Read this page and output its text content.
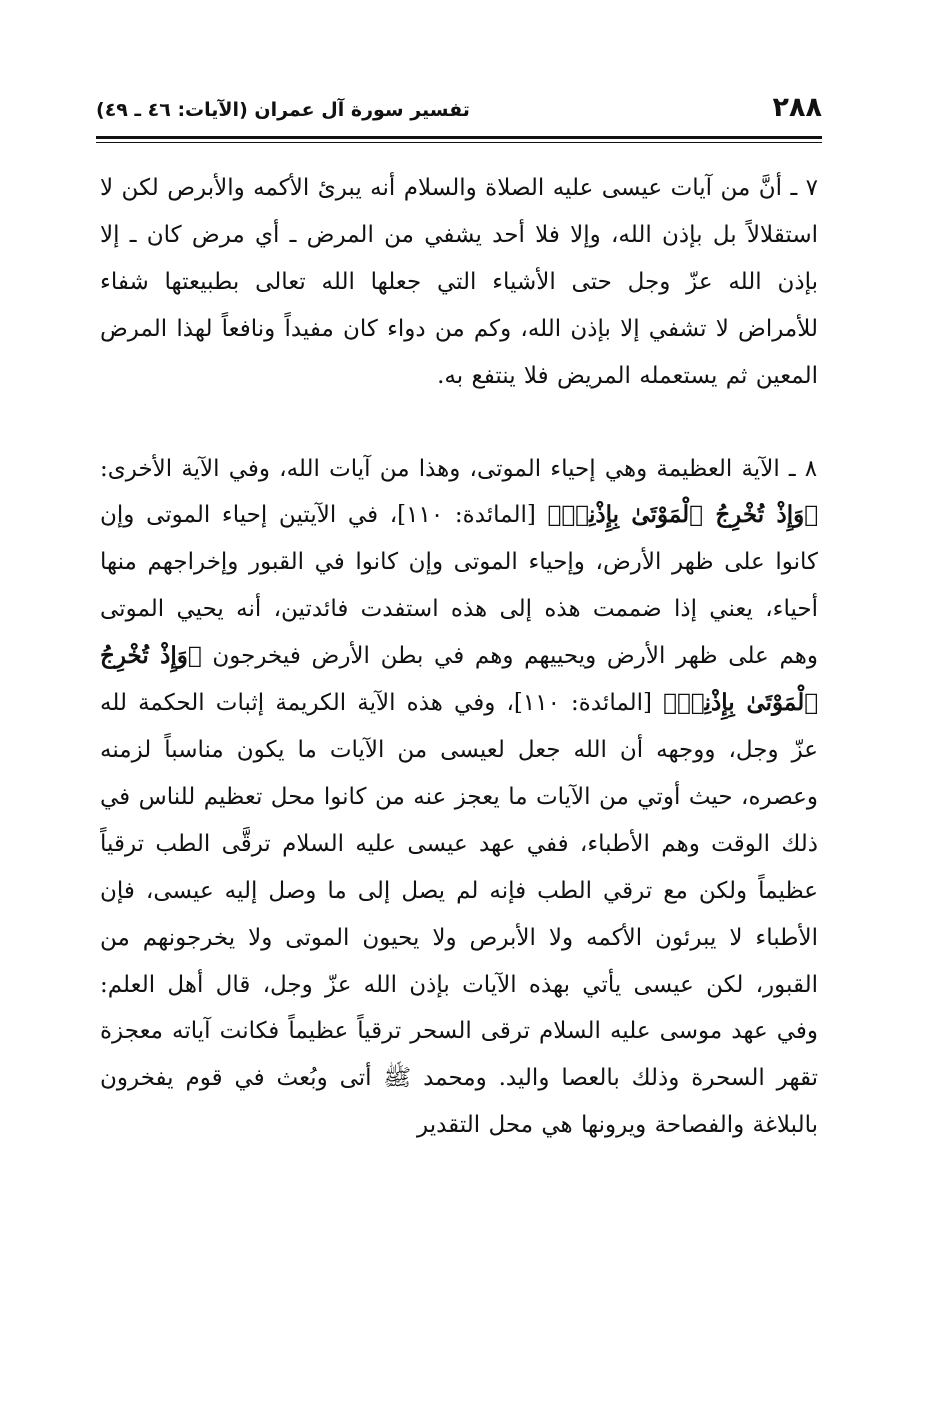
٢٨٨
تفسير سورة آل عمران (الآيات: ٤٦ ـ ٤٩)

٧ ـ أنَّ من آيات عيسى عليه الصلاة والسلام أنه يبرئ الأكمه والأبرص لكن لا استقلالاً بل بإذن الله، وإلا فلا أحد يشفي من المرض ـ أي مرض كان ـ إلا بإذن الله عزّ وجل حتى الأشياء التي جعلها الله تعالى بطبيعتها شفاء للأمراض لا تشفي إلا بإذن الله، وكم من دواء كان مفيداً ونافعاً لهذا المرض المعين ثم يستعمله المريض فلا ينتفع به.

٨ ـ الآية العظيمة وهي إحياء الموتى، وهذا من آيات الله، وفي الآية الأخرى: ﴿وَإِذْ تُخْرِجُ ٱلْمَوْتَىٰ بِإِذْنِىۖ﴾ [المائدة: ١١٠]، في الآيتين إحياء الموتى وإن كانوا على ظهر الأرض، وإحياء الموتى وإن كانوا في القبور وإخراجهم منها أحياء، يعني إذا ضممت هذه إلى هذه استفدت فائدتين، أنه يحيي الموتى وهم على ظهر الأرض ويحييهم وهم في بطن الأرض فيخرجون ﴿وَإِذْ تُخْرِجُ ٱلْمَوْتَىٰ بِإِذْنِىۖ﴾ [المائدة: ١١٠]، وفي هذه الآية الكريمة إثبات الحكمة لله عزّ وجل، ووجهه أن الله جعل لعيسى من الآيات ما يكون مناسباً لزمنه وعصره، حيث أوتي من الآيات ما يعجز عنه من كانوا محل تعظيم للناس في ذلك الوقت وهم الأطباء، ففي عهد عيسى عليه السلام ترقَّى الطب ترقياً عظيماً ولكن مع ترقي الطب فإنه لم يصل إلى ما وصل إليه عيسى، فإن الأطباء لا يبرئون الأكمه ولا الأبرص ولا يحيون الموتى ولا يخرجونهم من القبور، لكن عيسى يأتي بهذه الآيات بإذن الله عزّ وجل، قال أهل العلم: وفي عهد موسى عليه السلام ترقى السحر ترقياً عظيماً فكانت آياته معجزة تقهر السحرة وذلك بالعصا واليد. ومحمد ﷺ أتى وبُعث في قوم يفخرون بالبلاغة والفصاحة ويرونها هي محل التقدير
